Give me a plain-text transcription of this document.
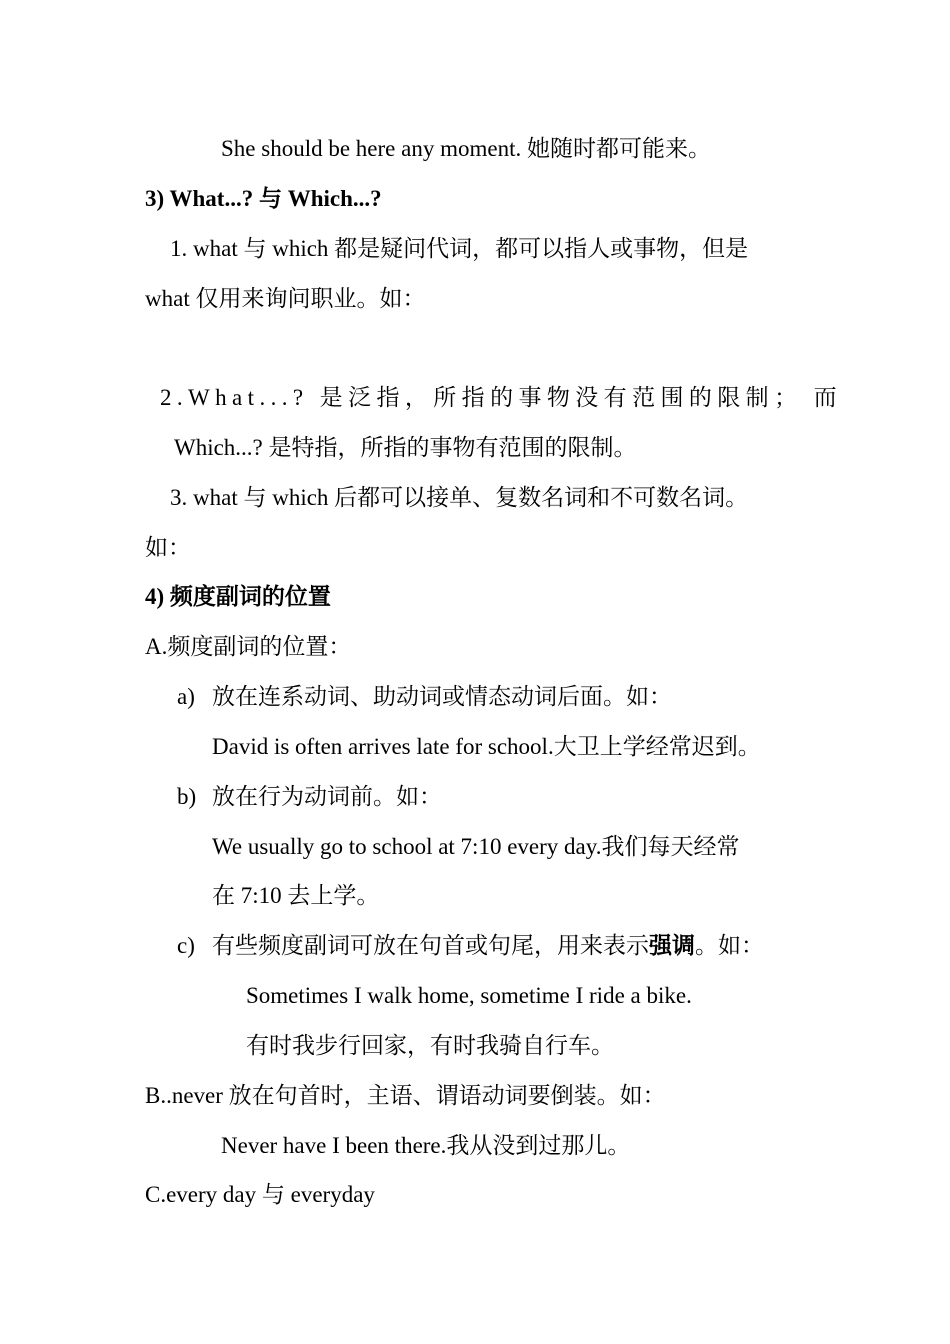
She should be here any moment. 她随时都可能来。
3) What...? 与 Which...?
1. what 与 which 都是疑问代词，都可以指人或事物，但是
what 仅用来询问职业。如：
2.What...? 是泛指，所指的事物没有范围的限制； 而
Which...? 是特指，所指的事物有范围的限制。
3. what 与 which 后都可以接单、复数名词和不可数名词。
如：
4) 频度副词的位置
A.频度副词的位置：
a) 放在连系动词、助动词或情态动词后面。如：
David is often arrives late for school.大卫上学经常迟到。
b) 放在行为动词前。如：
We usually go to school at 7:10 every day.我们每天经常
在 7:10 去上学。
c) 有些频度副词可放在句首或句尾，用来表示强调。如：
Sometimes I walk home, sometime I ride a bike.
有时我步行回家，有时我骑自行车。
B..never 放在句首时，主语、谓语动词要倒装。如：
Never have I been there.我从没到过那儿。
C.every day 与 everyday
